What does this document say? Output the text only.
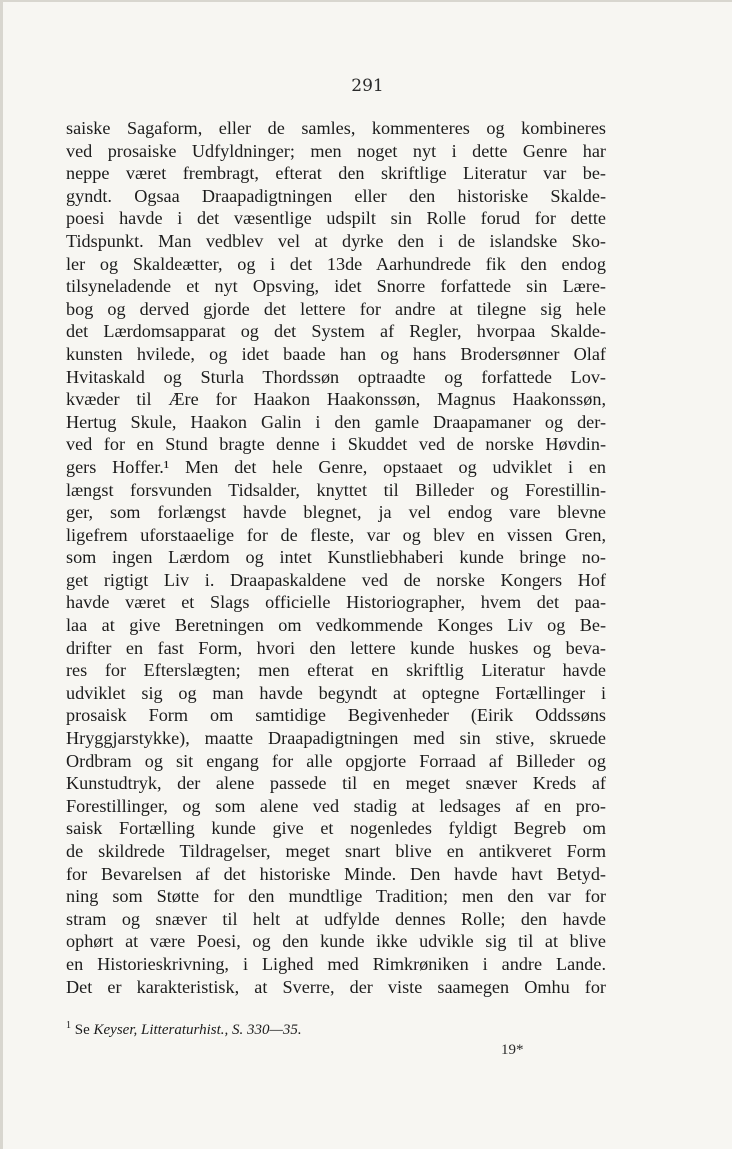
291
saiske Sagaform, eller de samles, kommenteres og kombineres
ved prosaiske Udfyldninger; men noget nyt i dette Genre har
neppe været frembragt, efterat den skriftlige Literatur var be-
gyndt. Ogsaa Draapadigtningen eller den historiske Skalde-
poesi havde i det væsentlige udspilt sin Rolle forud for dette
Tidspunkt. Man vedblev vel at dyrke den i de islandske Sko-
ler og Skaldeætter, og i det 13de Aarhundrede fik den endog
tilsyneladende et nyt Opsving, idet Snorre forfattede sin Lære-
bog og derved gjorde det lettere for andre at tilegne sig hele
det Lærdomsapparat og det System af Regler, hvorpaa Skalde-
kunsten hvilede, og idet baade han og hans Brodersønner Olaf
Hvitaskald og Sturla Thordssøn optraadte og forfattede Lov-
kvæder til Ære for Haakon Haakonssøn, Magnus Haakonssøn,
Hertug Skule, Haakon Galin i den gamle Draapamaner og der-
ved for en Stund bragte denne i Skuddet ved de norske Høvdin-
gers Hoffer.¹ Men det hele Genre, opstaaet og udviklet i en
længst forsvunden Tidsalder, knyttet til Billeder og Forestillin-
ger, som forlængst havde blegnet, ja vel endog vare blevne
ligefrem uforstaaelige for de fleste, var og blev en vissen Gren,
som ingen Lærdom og intet Kunstliebhaberi kunde bringe no-
get rigtigt Liv i. Draapaskaldene ved de norske Kongers Hof
havde været et Slags officielle Historiographer, hvem det paa-
laa at give Beretningen om vedkommende Konges Liv og Be-
drifter en fast Form, hvori den lettere kunde huskes og beva-
res for Efterslægten; men efterat en skriftlig Literatur havde
udviklet sig og man havde begyndt at optegne Fortællinger i
prosaisk Form om samtidige Begivenheder (Eirik Oddssøns
Hryggjarstykke), maatte Draapadigtningen med sin stive, skruede
Ordbram og sit engang for alle opgjorte Forraad af Billeder og
Kunstudtryk, der alene passede til en meget snæver Kreds af
Forestillinger, og som alene ved stadig at ledsages af en pro-
saisk Fortælling kunde give et nogenledes fyldigt Begreb om
de skildrede Tildragelser, meget snart blive en antikveret Form
for Bevarelsen af det historiske Minde. Den havde havt Betyd-
ning som Støtte for den mundtlige Tradition; men den var for
stram og snæver til helt at udfylde dennes Rolle; den havde
ophørt at være Poesi, og den kunde ikke udvikle sig til at blive
en Historieskrivning, i Lighed med Rimkrøniken i andre Lande.
Det er karakteristisk, at Sverre, der viste saamegen Omhu for
$^1$ Se Keyser, Litteraturhist., S. 330—35.
19*
